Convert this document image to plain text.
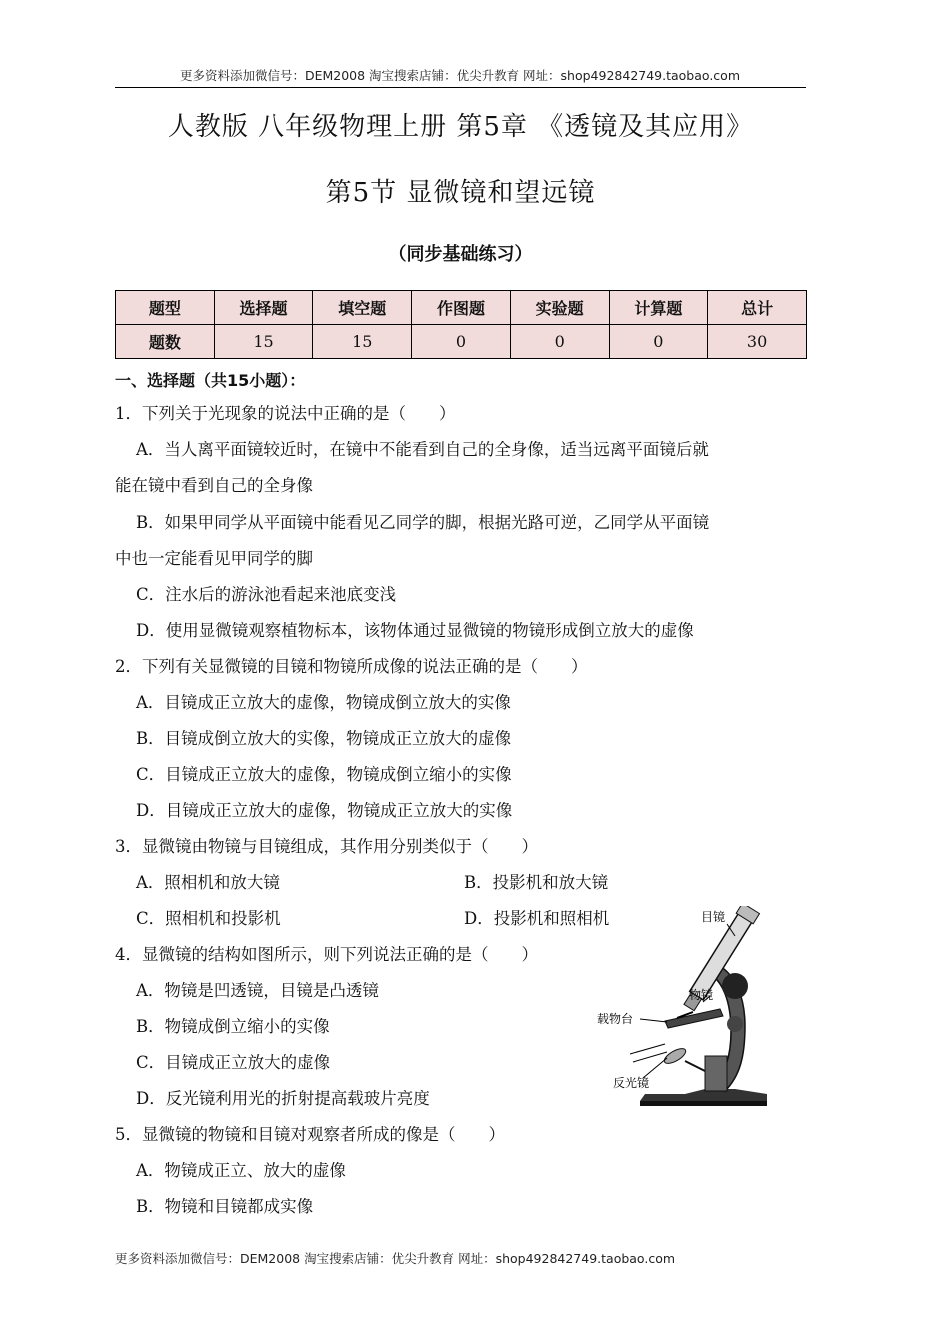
更多资料添加微信号：DEM2008 淘宝搜索店铺：优尖升教育 网址：shop492842749.taobao.com
人教版 八年级物理上册 第5章 《透镜及其应用》
第5节 显微镜和望远镜
（同步基础练习）
题型	选择题	填空题	作图题	实验题	计算题	总计
题数	15	15	0	0	0	30
一、选择题（共15小题）：
1．下列关于光现象的说法中正确的是（　　）
A．当人离平面镜较近时，在镜中不能看到自己的全身像，适当远离平面镜后就
能在镜中看到自己的全身像
B．如果甲同学从平面镜中能看见乙同学的脚，根据光路可逆，乙同学从平面镜
中也一定能看见甲同学的脚
C．注水后的游泳池看起来池底变浅
D．使用显微镜观察植物标本，该物体通过显微镜的物镜形成倒立放大的虚像
2．下列有关显微镜的目镜和物镜所成像的说法正确的是（　　）
A．目镜成正立放大的虚像，物镜成倒立放大的实像
B．目镜成倒立放大的实像，物镜成正立放大的虚像
C．目镜成正立放大的虚像，物镜成倒立缩小的实像
D．目镜成正立放大的虚像，物镜成正立放大的实像
3．显微镜由物镜与目镜组成，其作用分别类似于（　　）
A．照相机和放大镜	B．投影机和放大镜
C．照相机和投影机	D．投影机和照相机
4．显微镜的结构如图所示，则下列说法正确的是（　　）
A．物镜是凹透镜，目镜是凸透镜
B．物镜成倒立缩小的实像
C．目镜成正立放大的虚像
D．反光镜利用光的折射提高载玻片亮度
5．显微镜的物镜和目镜对观察者所成的像是（　　）
A．物镜成正立、放大的虚像
B．物镜和目镜都成实像
目镜
物镜
载物台
反光镜
更多资料添加微信号：DEM2008 淘宝搜索店铺：优尖升教育 网址：shop492842749.taobao.com
